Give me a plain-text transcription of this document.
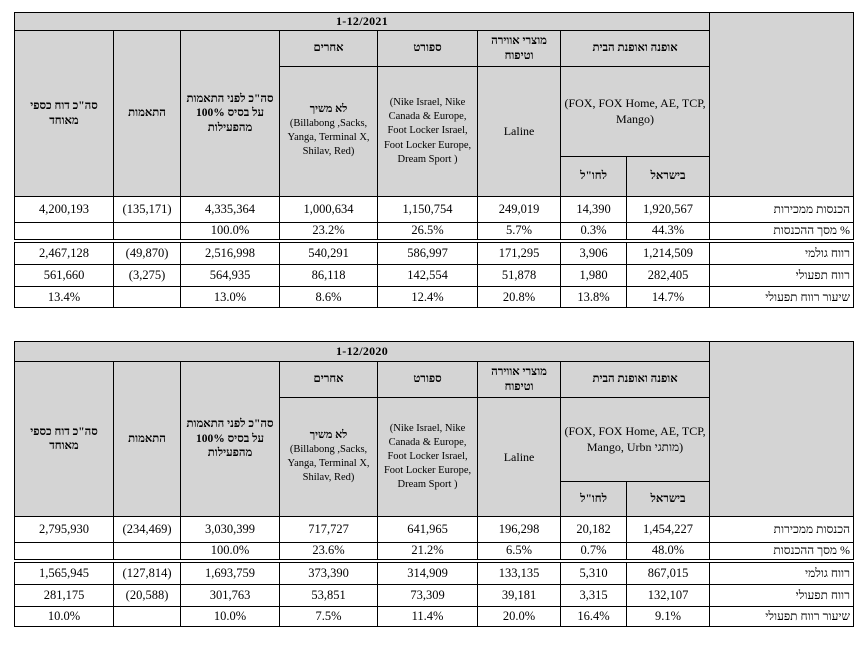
	1-12/2021							
	אופנה ואופנת הבית		מוצרי אווירה וטיפוח	ספורט	אחרים	סה"כ לפני התאמות על בסיס 100% מהפעילות	התאמות	סה"כ דוח כספי מאוחד
	(FOX, FOX Home, AE, TCP, Mango)		Laline	(Nike Israel, Nike Canada & Europe, Foot Locker Israel, Foot Locker Europe, Dream Sport )	לא משיך
(Billabong ,Sacks, Yanga, Terminal X, Shilav, Red)			

	בישראל	לחו"ל						
הכנסות ממכירות	1,920,567	14,390	249,019	1,150,754	1,000,634	4,335,364	(135,171)	4,200,193
% מסך ההכנסות	44.3%	0.3%	5.7%	26.5%	23.2%	100.0%		
רווח גולמי	1,214,509	3,906	171,295	586,997	540,291	2,516,998	(49,870)	2,467,128
רווח תפעולי	282,405	1,980	51,878	142,554	86,118	564,935	(3,275)	561,660
שיעור רווח תפעולי	14.7%	13.8%	20.8%	12.4%	8.6%	13.0%		13.4%
	1-12/2020							
	אופנה ואופנת הבית		מוצרי אווירה וטיפוח	ספורט	אחרים	סה"כ לפני התאמות על בסיס 100% מהפעילות	התאמות	סה"כ דוח כספי מאוחד
	(FOX, FOX Home, AE, TCP, Mango, Urbn מותגי)		Laline	(Nike Israel, Nike Canada & Europe, Foot Locker Israel, Foot Locker Europe, Dream Sport )	לא משיך
(Billabong ,Sacks, Yanga, Terminal X, Shilav, Red)			

	בישראל	לחו"ל						
הכנסות ממכירות	1,454,227	20,182	196,298	641,965	717,727	3,030,399	(234,469)	2,795,930
% מסך ההכנסות	48.0%	0.7%	6.5%	21.2%	23.6%	100.0%		
רווח גולמי	867,015	5,310	133,135	314,909	373,390	1,693,759	(127,814)	1,565,945
רווח תפעולי	132,107	3,315	39,181	73,309	53,851	301,763	(20,588)	281,175
שיעור רווח תפעולי	9.1%	16.4%	20.0%	11.4%	7.5%	10.0%		10.0%
